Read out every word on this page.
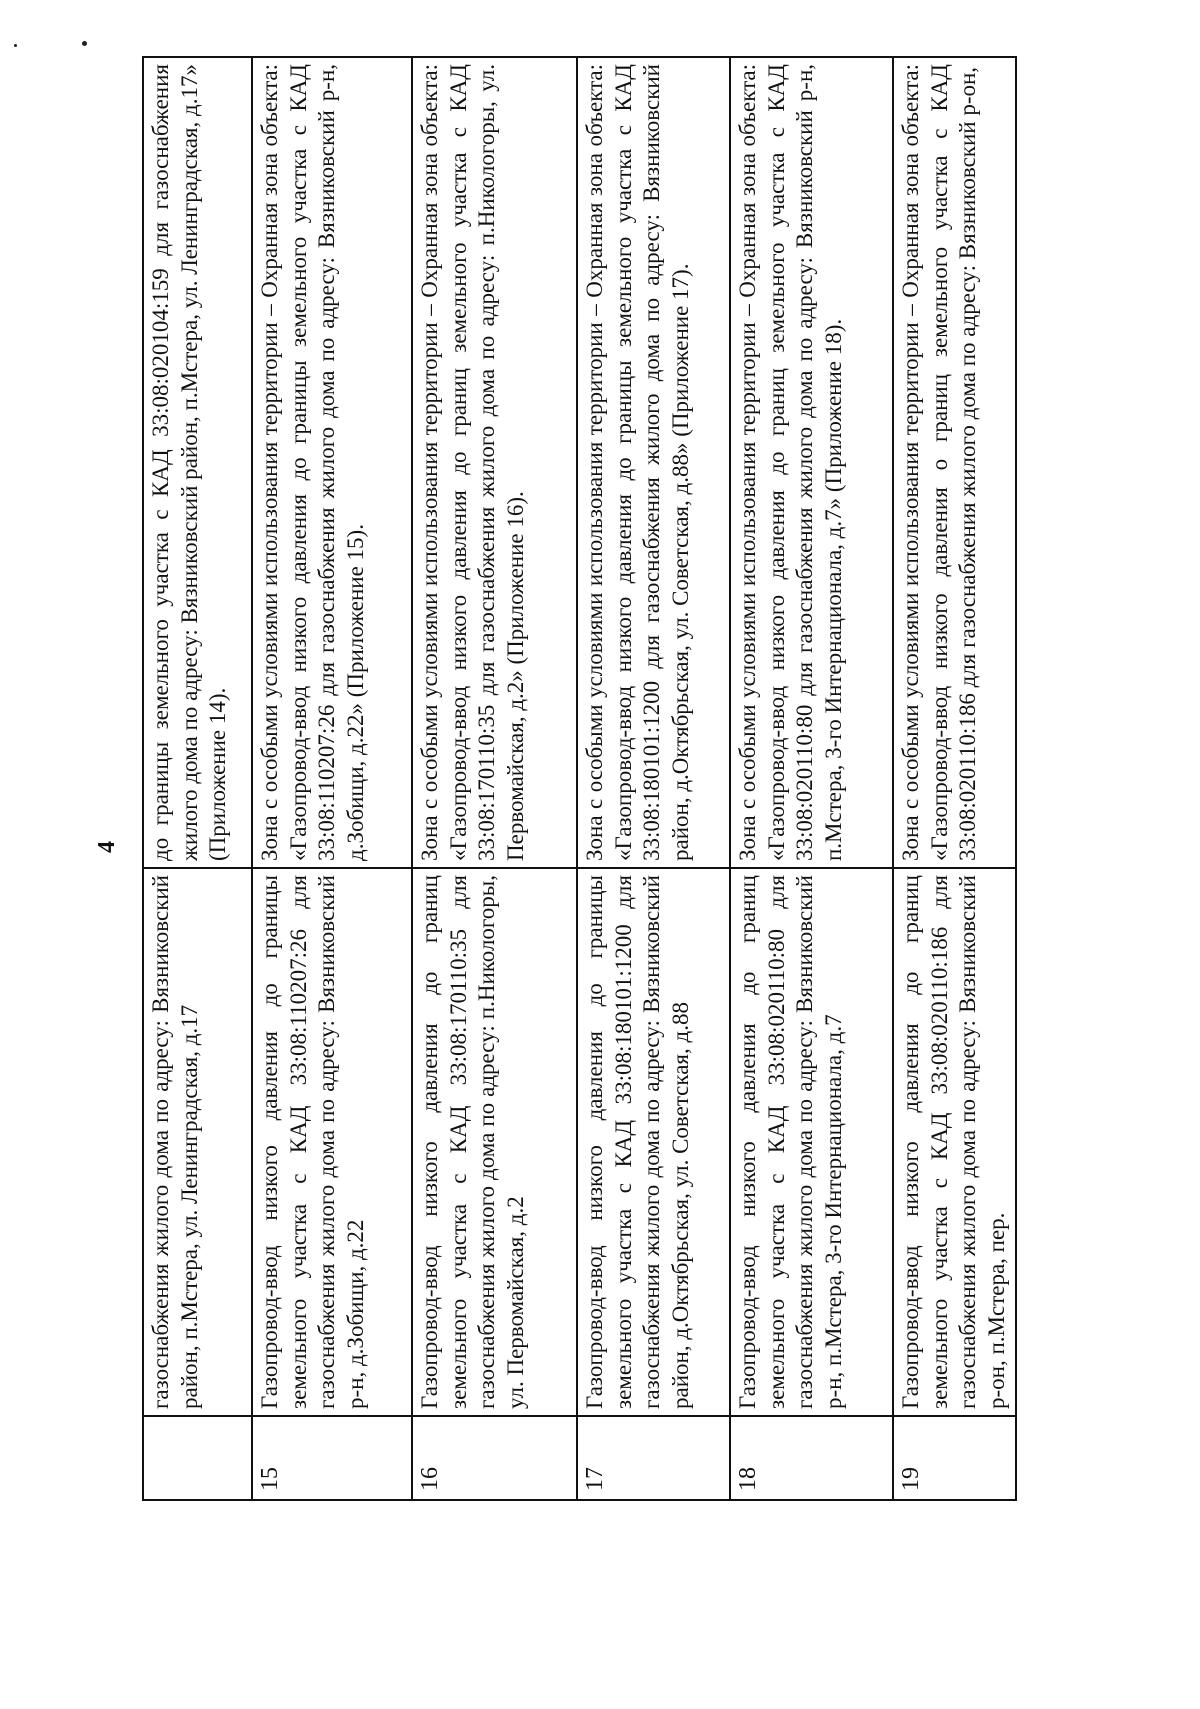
4
	газоснабжения жилого дома по адресу: Вязниковский район, п.Мстера, ул. Ленинградская, д.17	до границы земельного участка с КАД 33:08:020104:159 для газоснабжения жилого дома по адресу: Вязниковский район, п.Мстера, ул. Ленинградская, д.17» (Приложение 14).
15	Газопровод-ввод низкого давления до границы земельного участка с КАД 33:08:110207:26 для газоснабжения жилого дома по адресу: Вязниковский р-н, д.Зобищи, д.22	Зона с особыми условиями использования территории – Охранная зона объекта: «Газопровод-ввод низкого давления до границы земельного участка с КАД 33:08:110207:26 для газоснабжения жилого дома по адресу: Вязниковский р-н, д.Зобищи, д.22» (Приложение 15).
16	Газопровод-ввод низкого давления до границ земельного участка с КАД 33:08:170110:35 для газоснабжения жилого дома по адресу: п.Никологоры, ул. Первомайская, д.2	Зона с особыми условиями использования территории – Охранная зона объекта: «Газопровод-ввод низкого давления до границ земельного участка с КАД 33:08:170110:35 для газоснабжения жилого дома по адресу: п.Никологоры, ул. Первомайская, д.2» (Приложение 16).
17	Газопровод-ввод низкого давления до границы земельного участка с КАД 33:08:180101:1200 для газоснабжения жилого дома по адресу: Вязниковский район, д.Октябрьская, ул. Советская, д.88	Зона с особыми условиями использования территории – Охранная зона объекта: «Газопровод-ввод низкого давления до границы земельного участка с КАД 33:08:180101:1200 для газоснабжения жилого дома по адресу: Вязниковский район, д.Октябрьская, ул. Советская, д.88» (Приложение 17).
18	Газопровод-ввод низкого давления до границ земельного участка с КАД 33:08:020110:80 для газоснабжения жилого дома по адресу: Вязниковский р-н, п.Мстера, 3-го Интернационала, д.7	Зона с особыми условиями использования территории – Охранная зона объекта: «Газопровод-ввод низкого давления до границ земельного участка с КАД 33:08:020110:80 для газоснабжения жилого дома по адресу: Вязниковский р-н, п.Мстера, 3-го Интернационала, д.7» (Приложение 18).
19	Газопровод-ввод низкого давления до границ земельного участка с КАД 33:08:020110:186 для газоснабжения жилого дома по адресу: Вязниковский р-он, п.Мстера, пер.	Зона с особыми условиями использования территории – Охранная зона объекта: «Газопровод-ввод низкого давления о границ земельного участка с КАД 33:08:020110:186 для газоснабжения жилого дома по адресу: Вязниковский р-он,
